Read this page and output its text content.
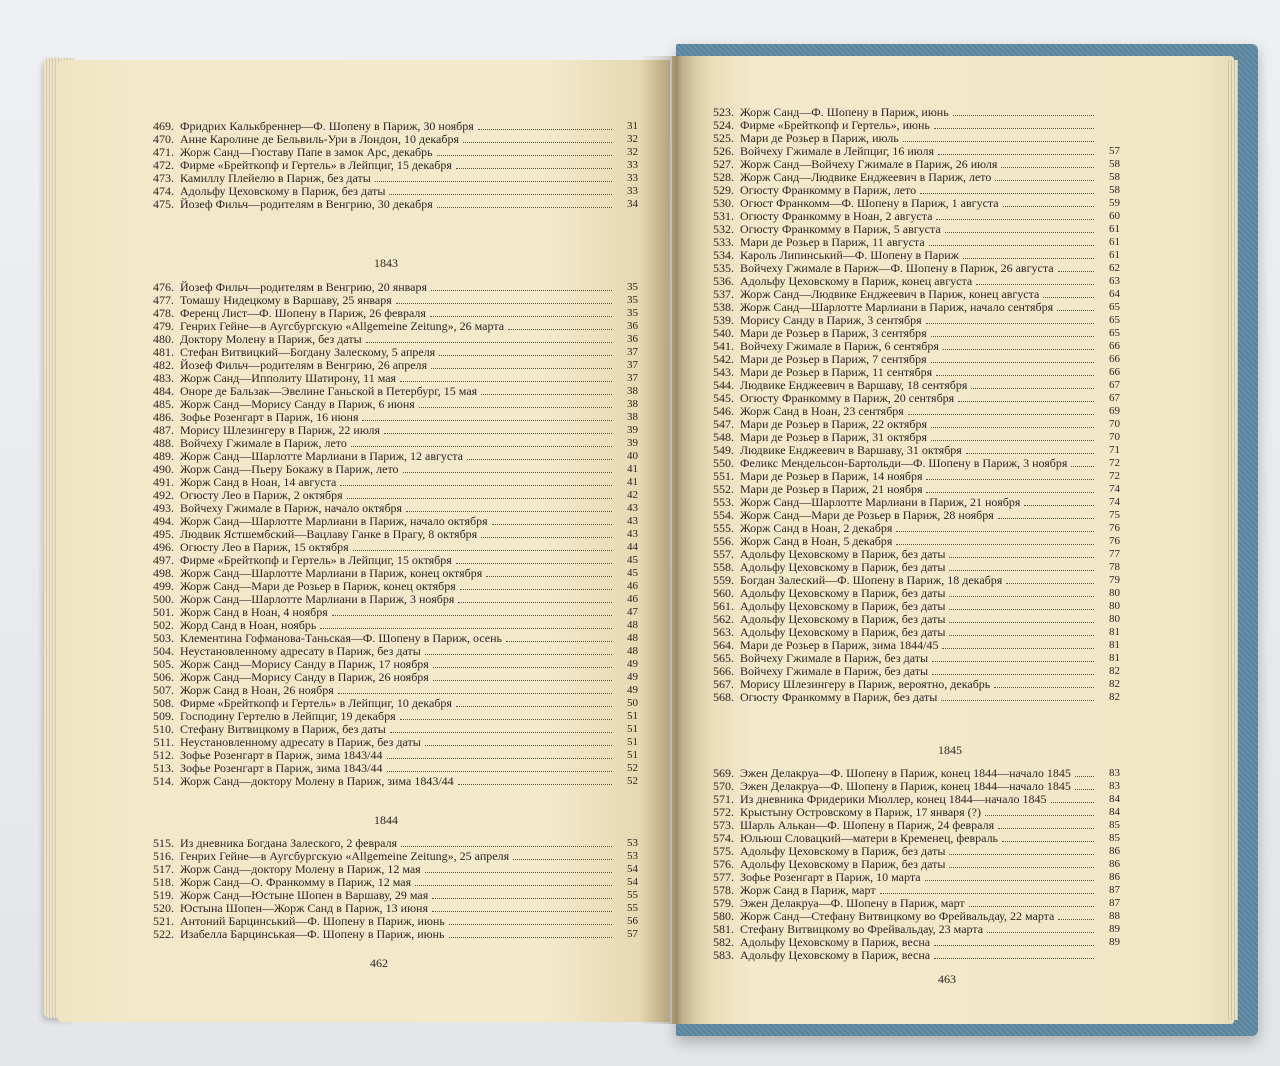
469. Фридрих Калькбреннер—Ф. Шопену в Париж, 30 ноября	31
470. Анне Каролине де Бельвиль-Ури в Лондон, 10 декабря	32
471. Жорж Санд—Гюставу Папе в замок Арс, декабрь	32
472. Фирме «Брейткопф и Гертель» в Лейпциг, 15 декабря	33
473. Камиллу Плейелю в Париж, без даты	33
474. Адольфу Цеховскому в Париж, без даты	33
475. Йозеф Фильч—родителям в Венгрию, 30 декабря	34
1843
476. Йозеф Фильч—родителям в Венгрию, 20 января	35
477. Томашу Нидецкому в Варшаву, 25 января	35
478. Ференц Лист—Ф. Шопену в Париж, 26 февраля	35
479. Генрих Гейне—в Аугсбургскую «Allgemeine Zeitung», 26 марта	36
480. Доктору Молену в Париж, без даты	36
481. Стефан Витвицкий—Богдану Залескому, 5 апреля	37
482. Йозеф Фильч—родителям в Венгрию, 26 апреля	37
483. Жорж Санд—Ипполиту Шатирону, 11 мая	37
484. Оноре де Бальзак—Эвелине Ганьской в Петербург, 15 мая	38
485. Жорж Санд—Морису Санду в Париж, 6 июня	38
486. Зофье Розенгарт в Париж, 16 июня	38
487. Морису Шлезингеру в Париж, 22 июля	39
488. Войчеху Гжимале в Париж, лето	39
489. Жорж Санд—Шарлотте Марлиани в Париж, 12 августа	40
490. Жорж Санд—Пьеру Бокажу в Париж, лето	41
491. Жорж Санд в Ноан, 14 августа	41
492. Огюсту Лео в Париж, 2 октября	42
493. Войчеху Гжимале в Париж, начало октября	43
494. Жорж Санд—Шарлотте Марлиани в Париж, начало октября	43
495. Людвик Ястшембский—Вацлаву Ганке в Прагу, 8 октября	43
496. Огюсту Лео в Париж, 15 октября	44
497. Фирме «Брейткопф и Гертель» в Лейпциг, 15 октября	45
498. Жорж Санд—Шарлотте Марлиани в Париж, конец октября	45
499. Жорж Санд—Мари де Розьер в Париж, конец октября	46
500. Жорж Санд—Шарлотте Марлиани в Париж, 3 ноября	46
501. Жорж Санд в Ноан, 4 ноября	47
502. Жорд Санд в Ноан, ноябрь	48
503. Клементина Гофманова-Таньская—Ф. Шопену в Париж, осень	48
504. Неустановленному адресату в Париж, без даты	48
505. Жорж Санд—Морису Санду в Париж, 17 ноября	49
506. Жорж Санд—Морису Санду в Париж, 26 ноября	49
507. Жорж Санд в Ноан, 26 ноября	49
508. Фирме «Брейткопф и Гертель» в Лейпциг, 10 декабря	50
509. Господину Гертелю в Лейпциг, 19 декабря	51
510. Стефану Витвицкому в Париж, без даты	51
511. Неустановленному адресату в Париж, без даты	51
512. Зофье Розенгарт в Париж, зима 1843/44	51
513. Зофье Розенгарт в Париж, зима 1843/44	52
514. Жорж Санд—доктору Молену в Париж, зима 1843/44	52
1844
515. Из дневника Богдана Залеского, 2 февраля	53
516. Генрих Гейне—в Аугсбургскую «Allgemeine Zeitung», 25 апреля	53
517. Жорж Санд—доктору Молену в Париж, 12 мая	54
518. Жорж Санд—О. Франкомму в Париж, 12 мая	54
519. Жорж Санд—Юстыне Шопен в Варшаву, 29 мая	55
520. Юстына Шопен—Жорж Санд в Париж, 13 июня	55
521. Антоний Барцинський—Ф. Шопену в Париж, июнь	56
522. Изабелла Барцинськая—Ф. Шопену в Париж, июнь	57
462
523. Жорж Санд—Ф. Шопену в Париж, июнь
524. Фирме «Брейткопф и Гертель», июнь
525. Мари де Розьер в Париж, июль
526. Войчеху Гжимале в Лейпциг, 16 июля	57
527. Жорж Санд—Войчеху Гжимале в Париж, 26 июля	58
528. Жорж Санд—Людвике Енджеевич в Париж, лето	58
529. Огюсту Франкомму в Париж, лето	58
530. Огюст Франкомм—Ф. Шопену в Париж, 1 августа	59
531. Огюсту Франкомму в Ноан, 2 августа	60
532. Огюсту Франкомму в Париж, 5 августа	61
533. Мари де Розьер в Париж, 11 августа	61
534. Кароль Липинський—Ф. Шопену в Париж	61
535. Войчеху Гжимале в Париж—Ф. Шопену в Париж, 26 августа	62
536. Адольфу Цеховскому в Париж, конец августа	63
537. Жорж Санд—Людвике Енджеевич в Париж, конец августа	64
538. Жорж Санд—Шарлотте Марлиани в Париж, начало сентября	65
539. Морису Санду в Париж, 3 сентября	65
540. Мари де Розьер в Париж, 3 сентября	65
541. Войчеху Гжимале в Париж, 6 сентября	66
542. Мари де Розьер в Париж, 7 сентября	66
543. Мари де Розьер в Париж, 11 сентября	66
544. Людвике Енджеевич в Варшаву, 18 сентября	67
545. Огюсту Франкомму в Париж, 20 сентября	67
546. Жорж Санд в Ноан, 23 сентября	69
547. Мари де Розьер в Париж, 22 октября	70
548. Мари де Розьер в Париж, 31 октября	70
549. Людвике Енджеевич в Варшаву, 31 октября	71
550. Феликс Мендельсон-Бартольди—Ф. Шопену в Париж, 3 ноября	72
551. Мари де Розьер в Париж, 14 ноября	72
552. Мари де Розьер в Париж, 21 ноября	74
553. Жорж Санд—Шарлотте Марлиани в Париж, 21 ноября	74
554. Жорж Санд—Мари де Розьер в Париж, 28 ноября	75
555. Жорж Санд в Ноан, 2 декабря	76
556. Жорж Санд в Ноан, 5 декабря	76
557. Адольфу Цеховскому в Париж, без даты	77
558. Адольфу Цеховскому в Париж, без даты	78
559. Богдан Залеский—Ф. Шопену в Париж, 18 декабря	79
560. Адольфу Цеховскому в Париж, без даты	80
561. Адольфу Цеховскому в Париж, без даты	80
562. Адольфу Цеховскому в Париж, без даты	80
563. Адольфу Цеховскому в Париж, без даты	81
564. Мари де Розьер в Париж, зима 1844/45	81
565. Войчеху Гжимале в Париж, без даты	81
566. Войчеху Гжимале в Париж, без даты	82
567. Морису Шлезингеру в Париж, вероятно, декабрь	82
568. Огюсту Франкомму в Париж, без даты	82
1845
569. Эжен Делакруа—Ф. Шопену в Париж, конец 1844—начало 1845	83
570. Эжен Делакруа—Ф. Шопену в Париж, конец 1844—начало 1845	83
571. Из дневника Фридерики Мюллер, конец 1844—начало 1845	84
572. Крыстыну Островскому в Париж, 17 января (?)	84
573. Шарль Алькан—Ф. Шопену в Париж, 24 февраля	85
574. Юльюш Словацкий—матери в Кременец, февраль	85
575. Адольфу Цеховскому в Париж, без даты	86
576. Адольфу Цеховскому в Париж, без даты	86
577. Зофье Розенгарт в Париж, 10 марта	86
578. Жорж Санд в Париж, март	87
579. Эжен Делакруа—Ф. Шопену в Париж, март	87
580. Жорж Санд—Стефану Витвицкому во Фрейвальдау, 22 марта	88
581. Стефану Витвицкому во Фрейвальдау, 23 марта	89
582. Адольфу Цеховскому в Париж, весна	89
583. Адольфу Цеховскому в Париж, весна
463
